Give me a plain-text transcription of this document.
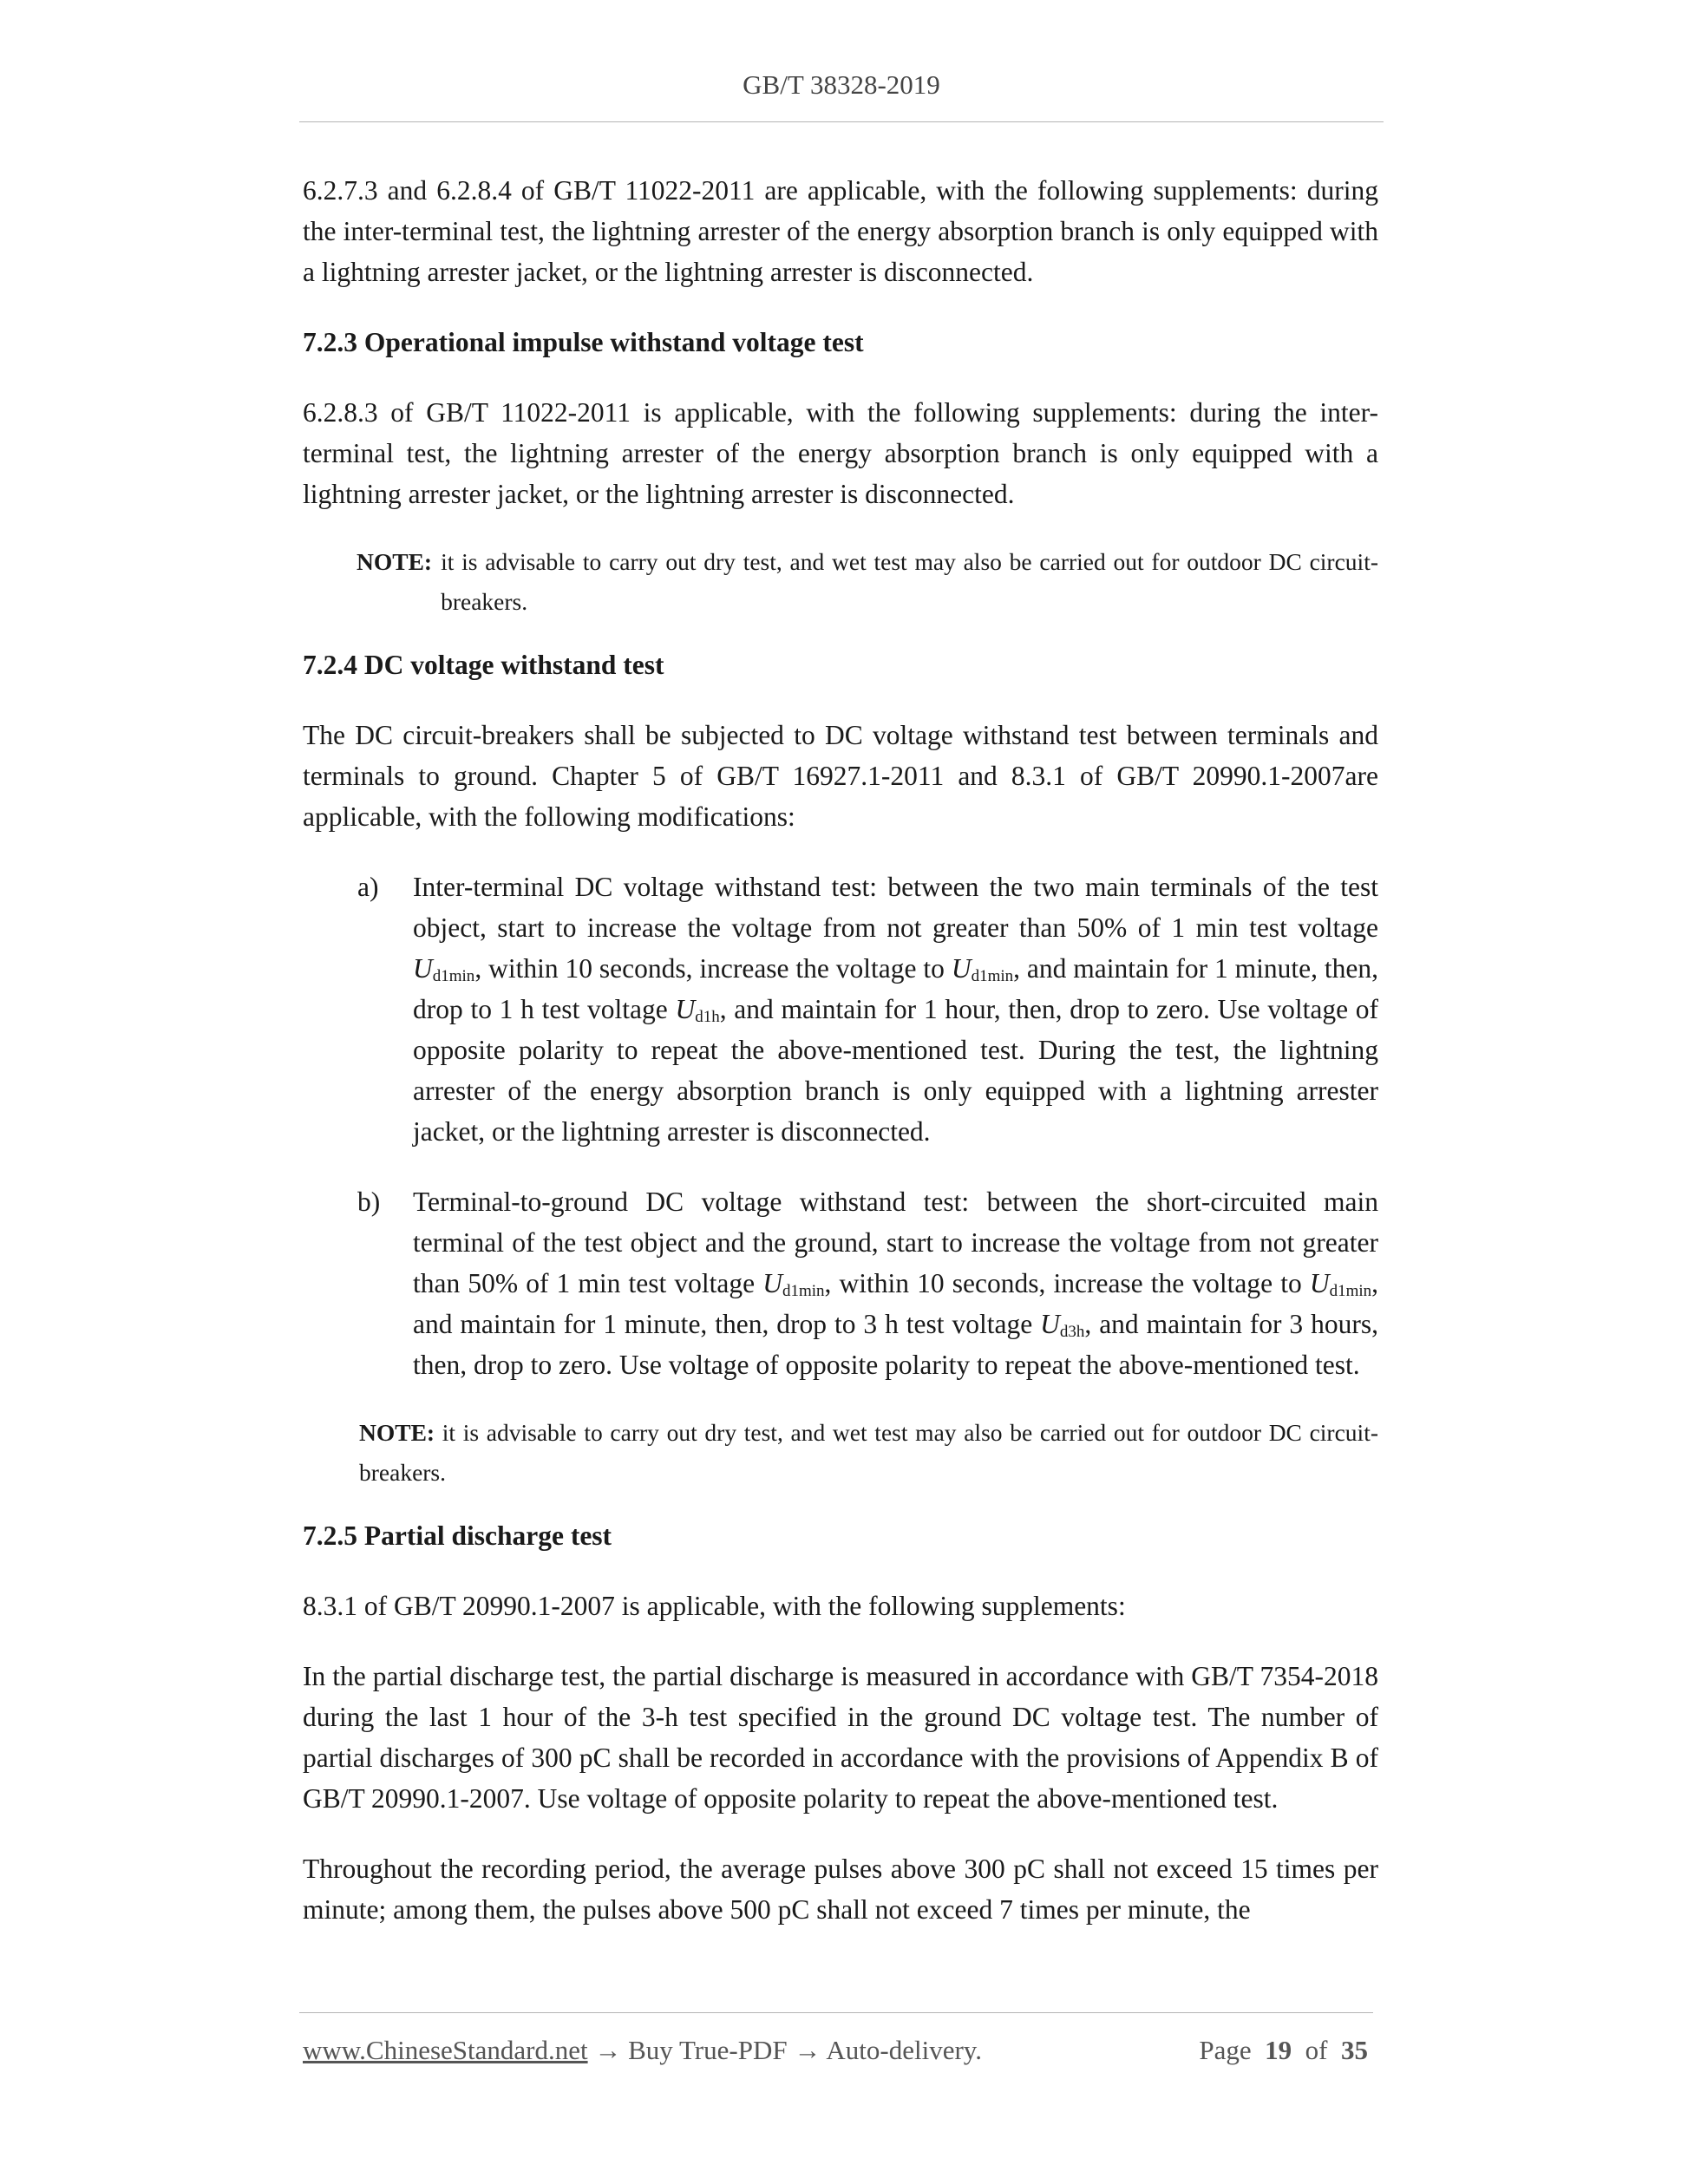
GB/T 38328-2019

6.2.7.3 and 6.2.8.4 of GB/T 11022-2011 are applicable, with the following supplements: during the inter-terminal test, the lightning arrester of the energy absorption branch is only equipped with a lightning arrester jacket, or the lightning arrester is disconnected.

7.2.3 Operational impulse withstand voltage test

6.2.8.3 of GB/T 11022-2011 is applicable, with the following supplements: during the inter-terminal test, the lightning arrester of the energy absorption branch is only equipped with a lightning arrester jacket, or the lightning arrester is disconnected.

NOTE: it is advisable to carry out dry test, and wet test may also be carried out for outdoor DC circuit-breakers.

7.2.4 DC voltage withstand test

The DC circuit-breakers shall be subjected to DC voltage withstand test between terminals and terminals to ground. Chapter 5 of GB/T 16927.1-2011 and 8.3.1 of GB/T 20990.1-2007are applicable, with the following modifications:

a)	Inter-terminal DC voltage withstand test: between the two main terminals of the test object, start to increase the voltage from not greater than 50% of 1 min test voltage $U_{d1min}$, within 10 seconds, increase the voltage to $U_{d1min}$, and maintain for 1 minute, then, drop to 1 h test voltage $U_{d1h}$, and maintain for 1 hour, then, drop to zero. Use voltage of opposite polarity to repeat the above-mentioned test. During the test, the lightning arrester of the energy absorption branch is only equipped with a lightning arrester jacket, or the lightning arrester is disconnected.
b)	Terminal-to-ground DC voltage withstand test: between the short-circuited main terminal of the test object and the ground, start to increase the voltage from not greater than 50% of 1 min test voltage $U_{d1min}$, within 10 seconds, increase the voltage to $U_{d1min}$, and maintain for 1 minute, then, drop to 3 h test voltage $U_{d3h}$, and maintain for 3 hours, then, drop to zero. Use voltage of opposite polarity to repeat the above-mentioned test.
NOTE: it is advisable to carry out dry test, and wet test may also be carried out for outdoor DC circuit-breakers.

7.2.5 Partial discharge test

8.3.1 of GB/T 20990.1-2007 is applicable, with the following supplements:

In the partial discharge test, the partial discharge is measured in accordance with GB/T 7354-2018 during the last 1 hour of the 3-h test specified in the ground DC voltage test. The number of partial discharges of 300 pC shall be recorded in accordance with the provisions of Appendix B of GB/T 20990.1-2007. Use voltage of opposite polarity to repeat the above-mentioned test.

Throughout the recording period, the average pulses above 300 pC shall not exceed 15 times per minute; among them, the pulses above 500 pC shall not exceed 7 times per minute, the

www.ChineseStandard.net → Buy True-PDF → Auto-delivery.	Page 19 of 35
